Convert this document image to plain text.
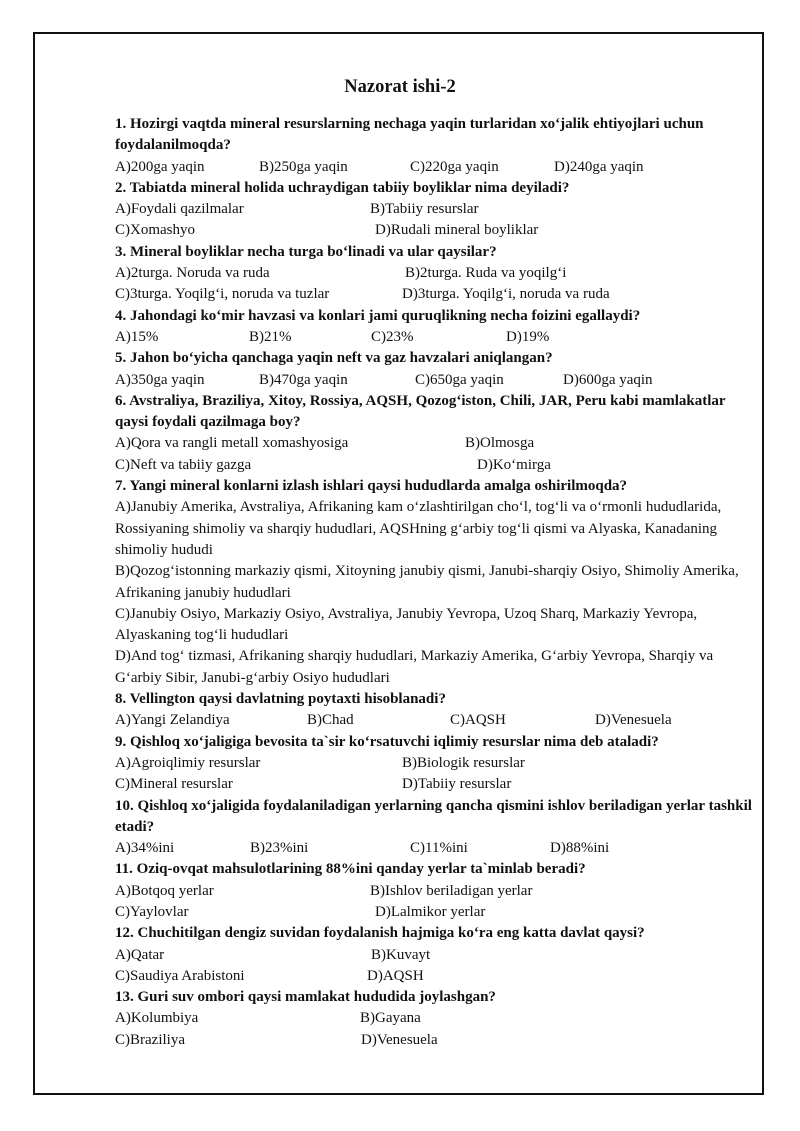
Nazorat ishi-2

1. Hozirgi vaqtda mineral resurslarning nechaga yaqin turlaridan xo‘jalik ehtiyojlari uchun foydalanilmoqda?

A)200ga yaqin	B)250ga yaqin	C)220ga yaqin	D)240ga yaqin

2. Tabiatda mineral holida uchraydigan tabiiy boyliklar nima deyiladi?

A)Foydali qazilmalar	B)Tabiiy resurslar
C)Xomashyo	D)Rudali mineral boyliklar

3. Mineral boyliklar necha turga bo‘linadi va ular qaysilar?

A)2turga. Noruda va ruda	B)2turga. Ruda va yoqilg‘i
C)3turga. Yoqilg‘i, noruda va tuzlar	D)3turga. Yoqilg‘i, noruda va ruda

4. Jahondagi ko‘mir havzasi va konlari jami quruqlikning necha foizini egallaydi?

A)15%	B)21%	C)23%	D)19%

5. Jahon bo‘yicha qanchaga yaqin neft va gaz havzalari aniqlangan?

A)350ga yaqin	B)470ga yaqin	C)650ga yaqin	D)600ga yaqin

6. Avstraliya, Braziliya, Xitoy, Rossiya, AQSH, Qozog‘iston, Chili, JAR, Peru kabi mamlakatlar qaysi foydali qazilmaga boy?

A)Qora va rangli metall xomashyosiga	B)Olmosga
C)Neft va tabiiy gazga	D)Ko‘mirga

7. Yangi mineral konlarni izlash ishlari qaysi hududlarda amalga oshirilmoqda?

A)Janubiy Amerika, Avstraliya, Afrikaning kam o‘zlashtirilgan cho‘l, tog‘li va o‘rmonli hududlarida, Rossiyaning shimoliy va sharqiy hududlari, AQSHning g‘arbiy tog‘li qismi va Alyaska, Kanadaning shimoliy hududi

B)Qozog‘istonning markaziy qismi, Xitoyning janubiy qismi, Janubi-sharqiy Osiyo, Shimoliy Amerika, Afrikaning janubiy hududlari

C)Janubiy Osiyo, Markaziy Osiyo, Avstraliya, Janubiy Yevropa, Uzoq Sharq, Markaziy Yevropa, Alyaskaning tog‘li hududlari

D)And tog‘ tizmasi, Afrikaning sharqiy hududlari, Markaziy Amerika, G‘arbiy Yevropa, Sharqiy va G‘arbiy Sibir, Janubi-g‘arbiy Osiyo hududlari

8. Vellington qaysi davlatning poytaxti hisoblanadi?

A)Yangi Zelandiya	B)Chad	C)AQSH	D)Venesuela

9. Qishloq xo‘jaligiga bevosita ta`sir ko‘rsatuvchi iqlimiy resurslar nima deb ataladi?

A)Agroiqlimiy resurslar	B)Biologik resurslar
C)Mineral resurslar	D)Tabiiy resurslar

10. Qishloq xo‘jaligida foydalaniladigan yerlarning qancha qismini ishlov beriladigan yerlar tashkil etadi?

A)34%ini	B)23%ini	C)11%ini	D)88%ini

11. Oziq-ovqat mahsulotlarining 88%ini qanday yerlar ta`minlab beradi?

A)Botqoq yerlar	B)Ishlov beriladigan yerlar
C)Yaylovlar	D)Lalmikor yerlar

12. Chuchitilgan dengiz suvidan foydalanish hajmiga ko‘ra eng katta davlat qaysi?

A)Qatar	B)Kuvayt
C)Saudiya Arabistoni	D)AQSH

13. Guri suv ombori qaysi mamlakat hududida joylashgan?

A)Kolumbiya	B)Gayana
C)Braziliya	D)Venesuela
